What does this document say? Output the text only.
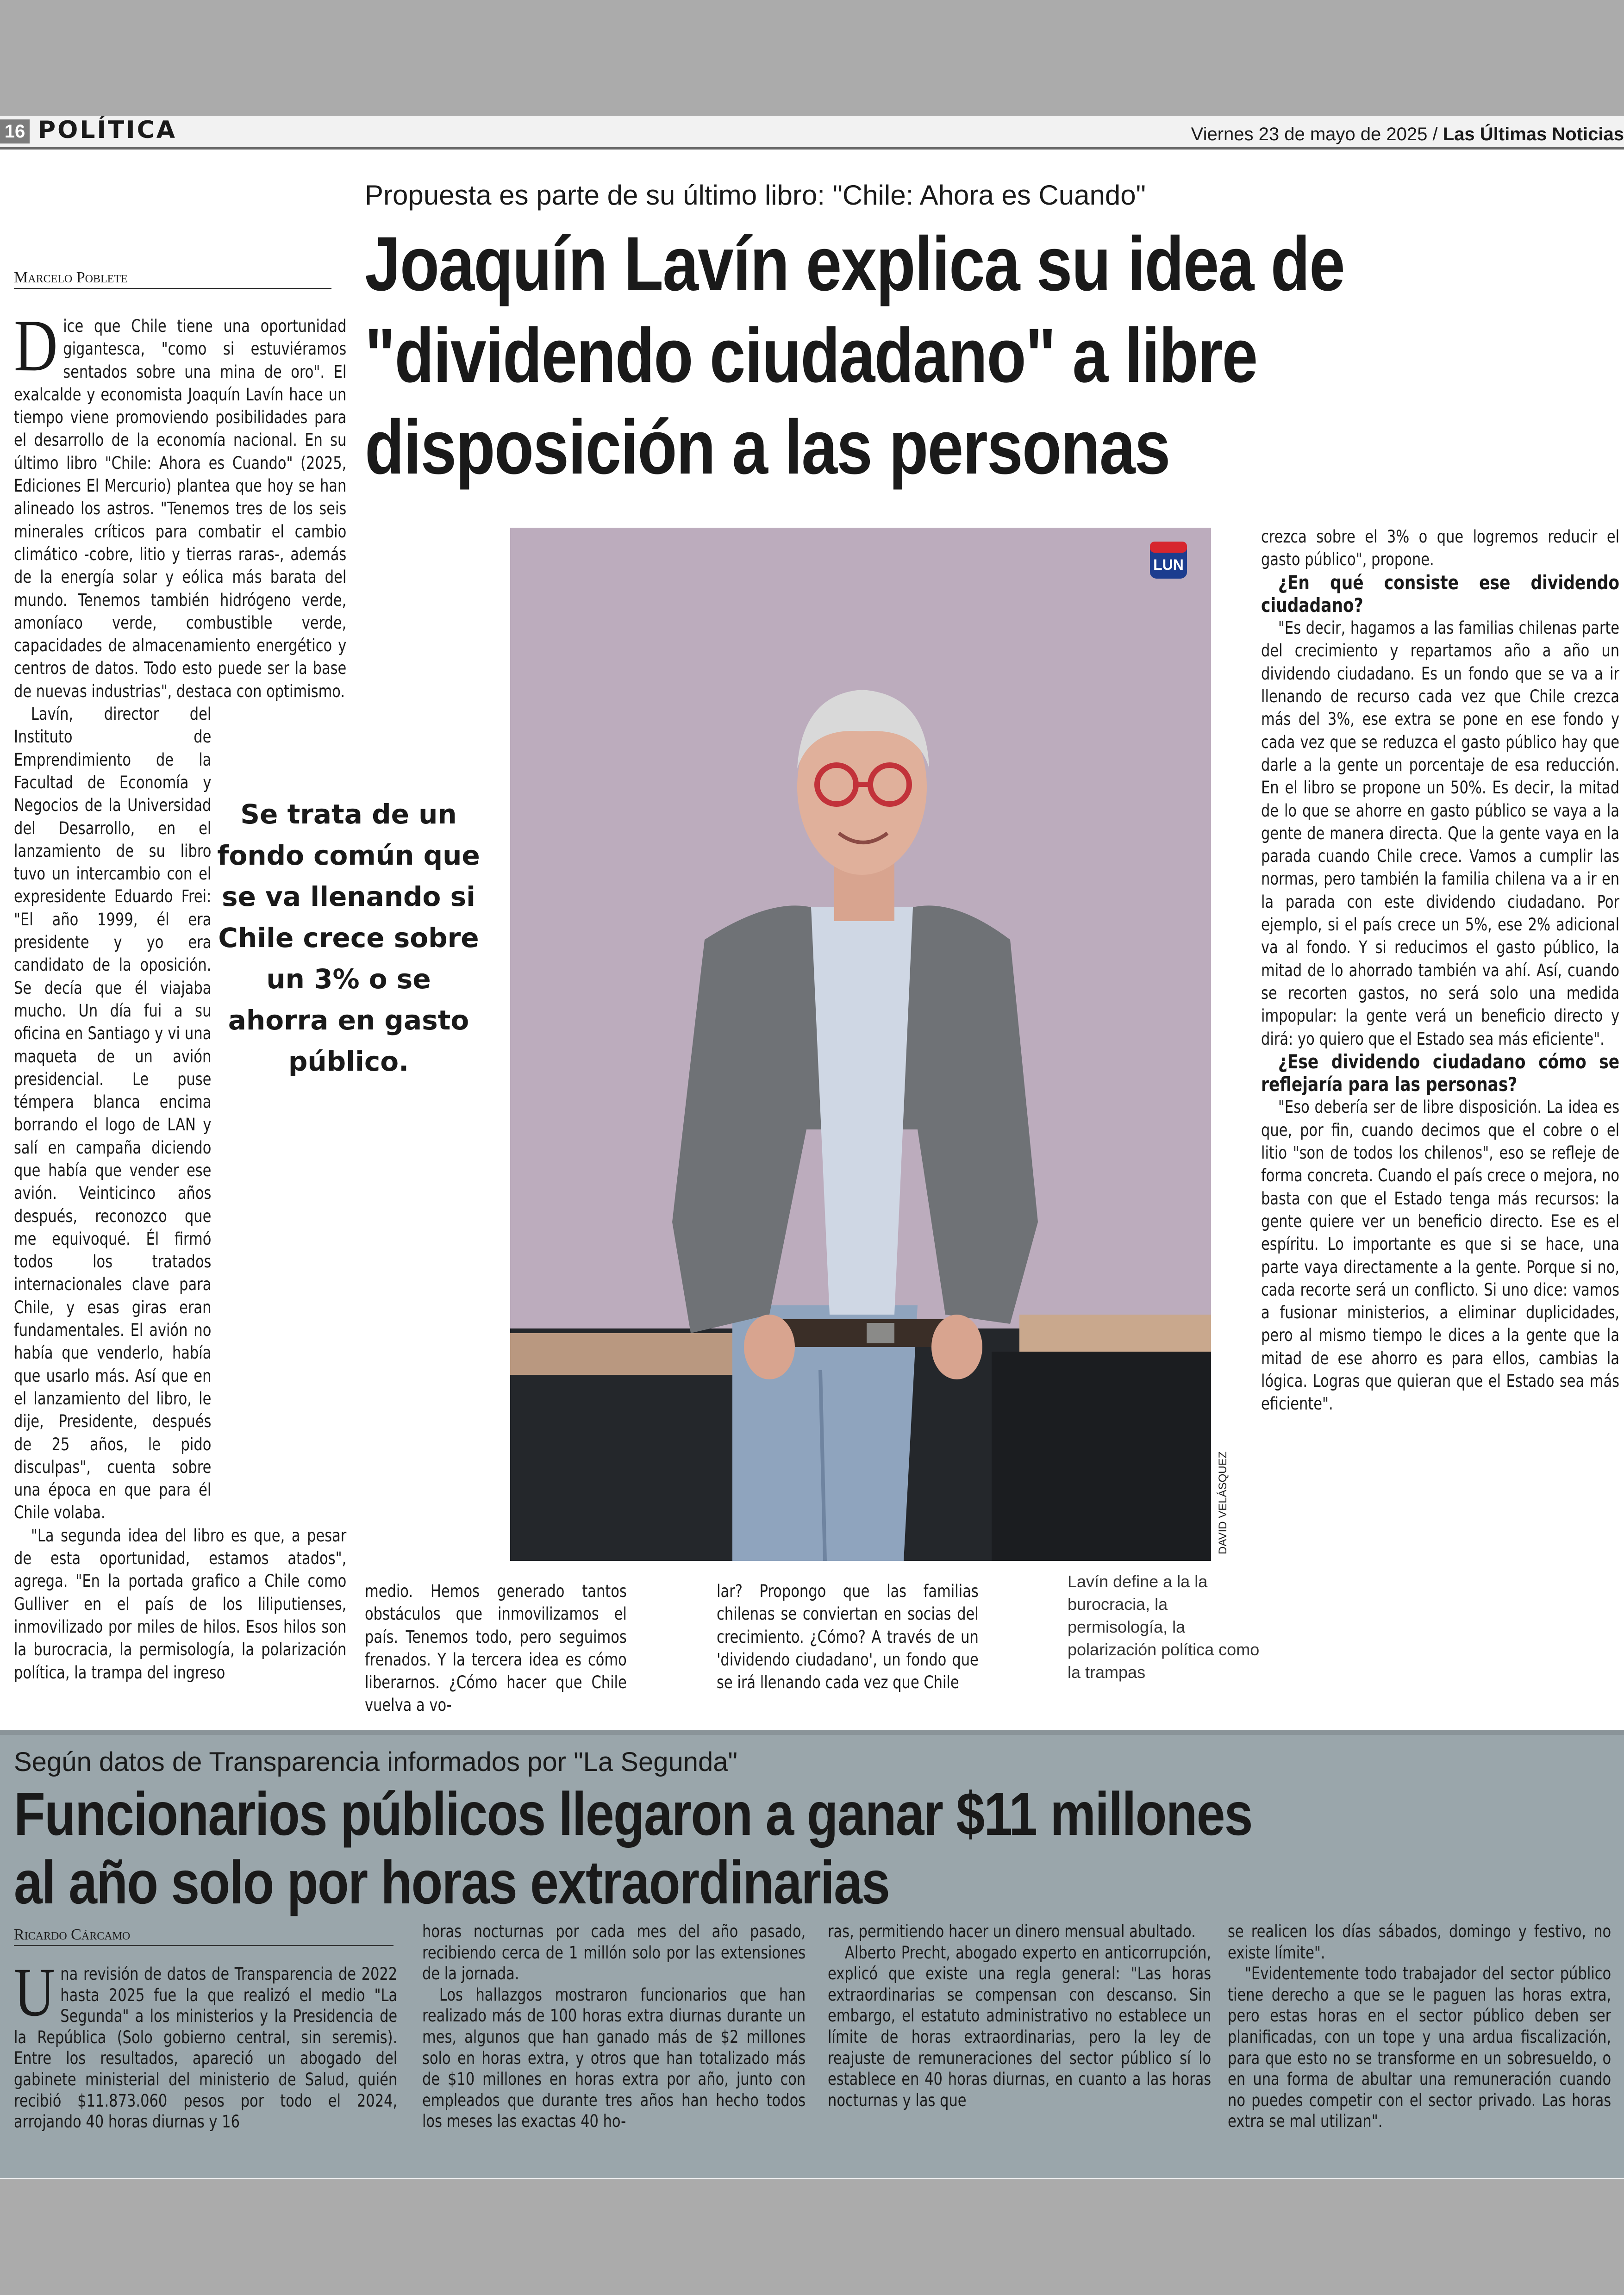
16 POLÍTICA	Viernes 23 de mayo de 2025 / Las Últimas Noticias
Propuesta es parte de su último libro: "Chile: Ahora es Cuando"
Joaquín Lavín explica su idea de "dividendo ciudadano" a libre disposición a las personas
Marcelo Poblete
D ice que Chile tiene una oportunidad gigantesca, "como si estuviéramos sentados sobre una mina de oro". El exalcalde y economista Joaquín Lavín hace un tiempo viene promoviendo posibilidades para el desarrollo de la economía nacional. En su último libro "Chile: Ahora es Cuando" (2025, Ediciones El Mercurio) plantea que hoy se han alineado los astros. "Tenemos tres de los seis minerales críticos para combatir el cambio climático -cobre, litio y tierras raras-, además de la energía solar y eólica más barata del mundo. Tenemos también hidrógeno verde, amoníaco verde, combustible verde, capacidades de almacenamiento energético y centros de datos. Todo esto puede ser la base de nuevas industrias", destaca con optimismo.

Lavín, director del Instituto de Emprendimiento de la Facultad de Economía y Negocios de la Universidad del Desarrollo, en el lanzamiento de su libro tuvo un intercambio con el expresidente Eduardo Frei: "El año 1999, él era presidente y yo era candidato de la oposición. Se decía que él viajaba mucho. Un día fui a su oficina en Santiago y vi una maqueta de un avión presidencial. Le puse témpera blanca encima borrando el logo de LAN y salí en campaña diciendo que había que vender ese avión. Veinticinco años después, reconozco que me equivoqué. Él firmó todos los tratados internacionales clave para Chile, y esas giras eran fundamentales. El avión no había que venderlo, había que usarlo más. Así que en el lanzamiento del libro, le dije, Presidente, después de 25 años, le pido disculpas", cuenta sobre una época en que para él Chile volaba.

"La segunda idea del libro es que, a pesar de esta oportunidad, estamos atados", agrega. "En la portada grafico a Chile como Gulliver en el país de los liliputienses, inmovilizado por miles de hilos. Esos hilos son la burocracia, la permisología, la polarización política, la trampa del ingreso

Se trata de un fondo común que se va llenando si Chile crece sobre un 3% o se ahorra en gasto público.
LUN
DAVID VELÁSQUEZ

medio. Hemos generado tantos obstáculos que inmovilizamos el país. Tenemos todo, pero seguimos frenados. Y la tercera idea es cómo liberarnos. ¿Cómo hacer que Chile vuelva a vo-

lar? Propongo que las familias chilenas se conviertan en socias del crecimiento. ¿Cómo? A través de un 'dividendo ciudadano', un fondo que se irá llenando cada vez que Chile

Lavín define a la la burocracia, la permisología, la polarización política como la trampas

crezca sobre el 3% o que logremos reducir el gasto público", propone.

¿En qué consiste ese dividendo ciudadano?

"Es decir, hagamos a las familias chilenas parte del crecimiento y repartamos año a año un dividendo ciudadano. Es un fondo que se va a ir llenando de recurso cada vez que Chile crezca más del 3%, ese extra se pone en ese fondo y cada vez que se reduzca el gasto público hay que darle a la gente un porcentaje de esa reducción. En el libro se propone un 50%. Es decir, la mitad de lo que se ahorre en gasto público se vaya a la gente de manera directa. Que la gente vaya en la parada cuando Chile crece. Vamos a cumplir las normas, pero también la familia chilena va a ir en la parada con este dividendo ciudadano. Por ejemplo, si el país crece un 5%, ese 2% adicional va al fondo. Y si reducimos el gasto público, la mitad de lo ahorrado también va ahí. Así, cuando se recorten gastos, no será solo una medida impopular: la gente verá un beneficio directo y dirá: yo quiero que el Estado sea más eficiente".

¿Ese dividendo ciudadano cómo se reflejaría para las personas?

"Eso debería ser de libre disposición. La idea es que, por fin, cuando decimos que el cobre o el litio "son de todos los chilenos", eso se refleje de forma concreta. Cuando el país crece o mejora, no basta con que el Estado tenga más recursos: la gente quiere ver un beneficio directo. Ese es el espíritu. Lo importante es que si se hace, una parte vaya directamente a la gente. Porque si no, cada recorte será un conflicto. Si uno dice: vamos a fusionar ministerios, a eliminar duplicidades, pero al mismo tiempo le dices a la gente que la mitad de ese ahorro es para ellos, cambias la lógica. Logras que quieran que el Estado sea más eficiente".

Según datos de Transparencia informados por "La Segunda"
Funcionarios públicos llegaron a ganar $11 millones
al año solo por horas extraordinarias
Ricardo Cárcamo
U na revisión de datos de Transparencia de 2022 hasta 2025 fue la que realizó el medio "La Segunda" a los ministerios y la Presidencia de la República (Solo gobierno central, sin seremis). Entre los resultados, apareció un abogado del gabinete ministerial del ministerio de Salud, quién recibió $11.873.060 pesos por todo el 2024, arrojando 40 horas diurnas y 16

horas nocturnas por cada mes del año pasado, recibiendo cerca de 1 millón solo por las extensiones de la jornada.

Los hallazgos mostraron funcionarios que han realizado más de 100 horas extra diurnas durante un mes, algunos que han ganado más de $2 millones solo en horas extra, y otros que han totalizado más de $10 millones en horas extra por año, junto con empleados que durante tres años han hecho todos los meses las exactas 40 ho-

ras, permitiendo hacer un dinero mensual abultado.

Alberto Precht, abogado experto en anticorrupción, explicó que existe una regla general: "Las horas extraordinarias se compensan con descanso. Sin embargo, el estatuto administrativo no establece un límite de horas extraordinarias, pero la ley de reajuste de remuneraciones del sector público sí lo establece en 40 horas diurnas, en cuanto a las horas nocturnas y las que

se realicen los días sábados, domingo y festivo, no existe límite".

"Evidentemente todo trabajador del sector público tiene derecho a que se le paguen las horas extra, pero estas horas en el sector público deben ser planificadas, con un tope y una ardua fiscalización, para que esto no se transforme en un sobresueldo, o en una forma de abultar una remuneración cuando no puedes competir con el sector privado. Las horas extra se mal utilizan".
